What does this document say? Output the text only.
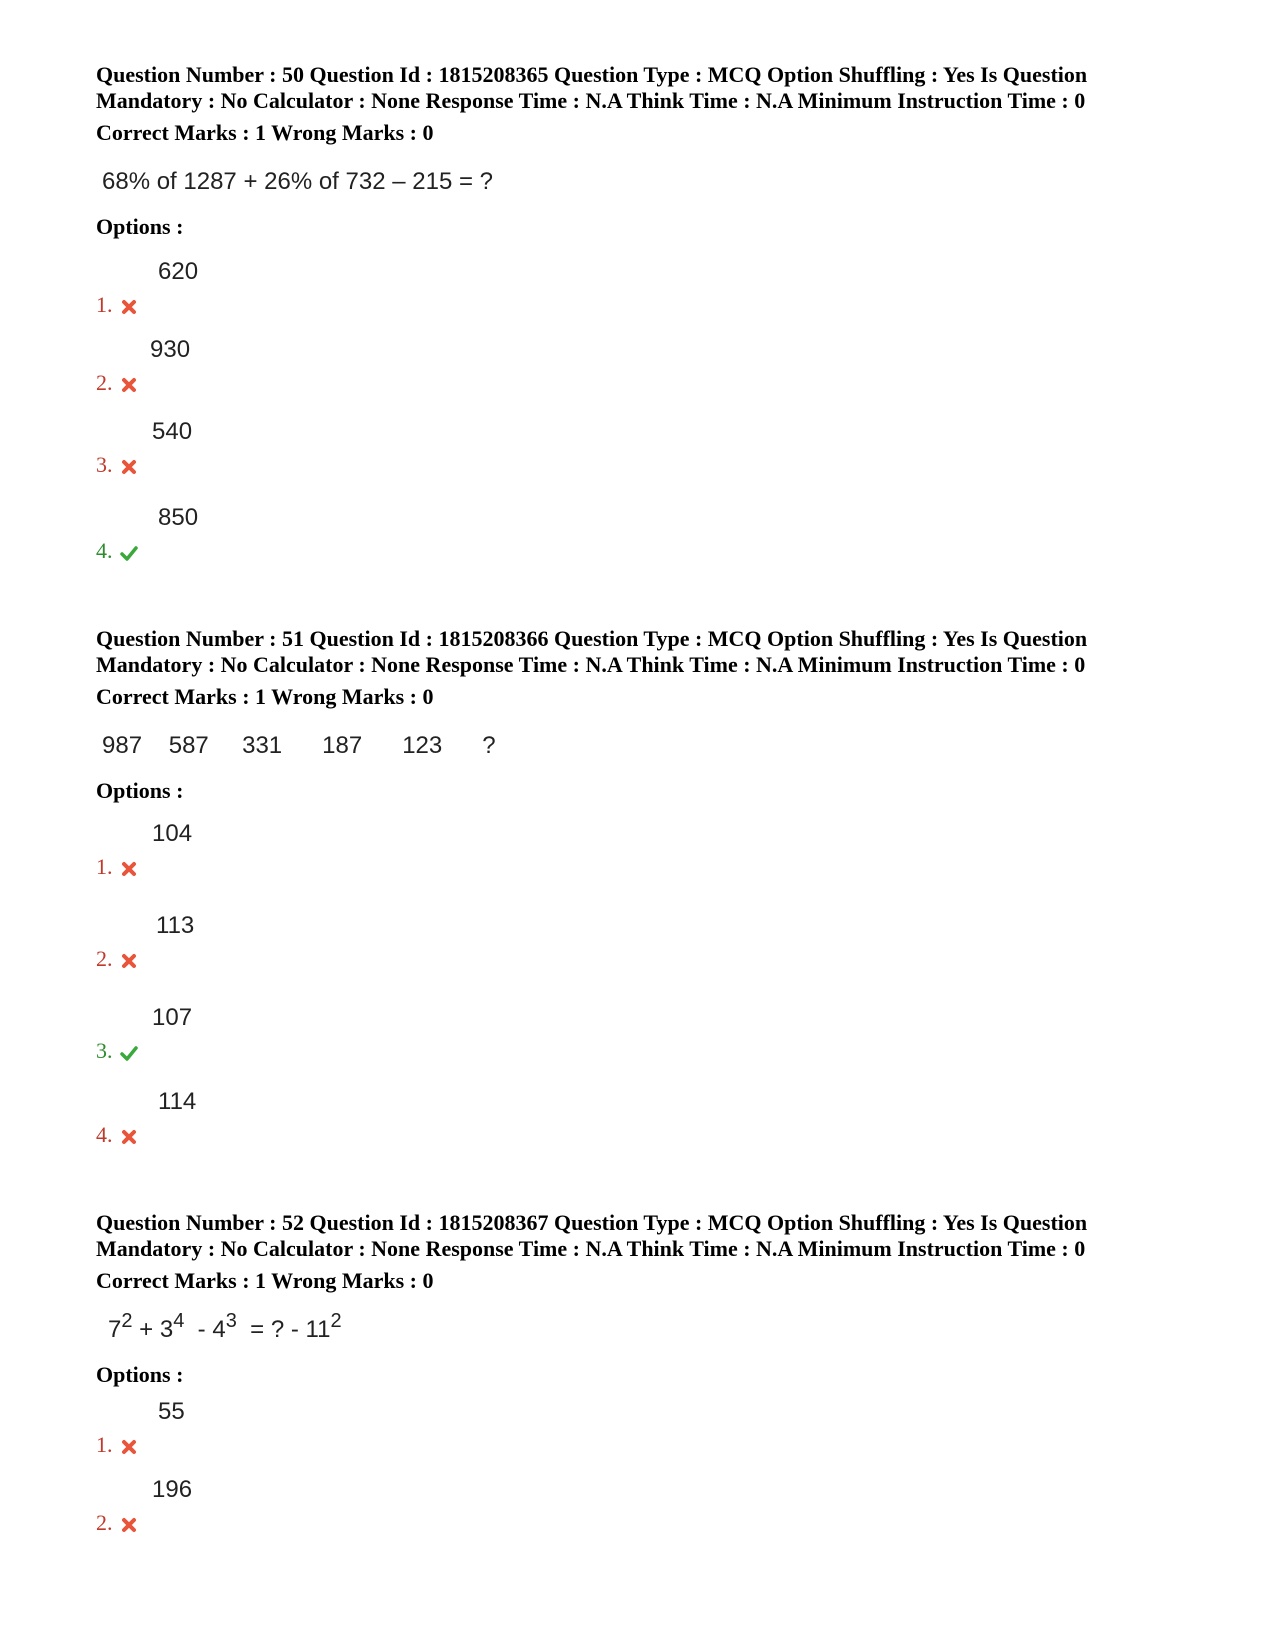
Question Number : 50 Question Id : 1815208365 Question Type : MCQ Option Shuffling : Yes Is Question
Mandatory : No Calculator : None Response Time : N.A Think Time : N.A Minimum Instruction Time : 0

Correct Marks : 1 Wrong Marks : 0

68% of 1287 + 26% of 732 – 215 = ?
Options :
1.
620
2.
930
3.
540
4.
850

Question Number : 51 Question Id : 1815208366 Question Type : MCQ Option Shuffling : Yes Is Question
Mandatory : No Calculator : None Response Time : N.A Think Time : N.A Minimum Instruction Time : 0

Correct Marks : 1 Wrong Marks : 0

987    587     331      187      123      ?
Options :
1.
104
2.
113
3.
107
4.
114

Question Number : 52 Question Id : 1815208367 Question Type : MCQ Option Shuffling : Yes Is Question
Mandatory : No Calculator : None Response Time : N.A Think Time : N.A Minimum Instruction Time : 0

Correct Marks : 1 Wrong Marks : 0

$7^2 + 3^4 - 4^3$  = ? - $11^2$
Options :
1.
55
2.
196
